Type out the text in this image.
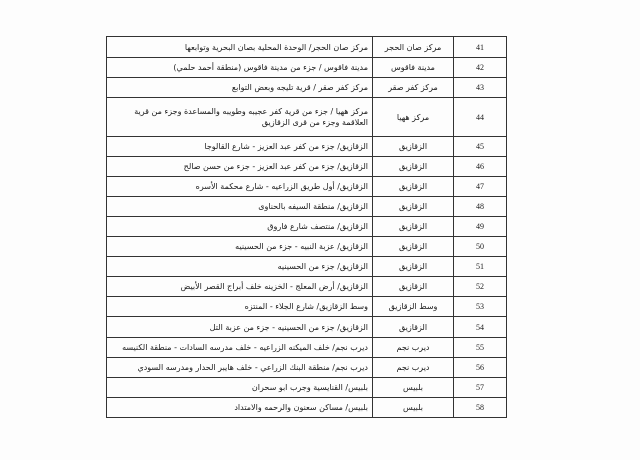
41	مركز صان الحجر	مركز صان الحجر/ الوحدة المحلية بصان البحرية وتوابعها
42	مدينة فاقوس	مدينة فاقوس / جزء من مدينة فاقوس (منطقة أحمد حلمي)
43	مركز كفر صقر	مركز كفر صقر / قرية تليجه وبعض التوابع
44	مركز ههيا	مركز ههيا / جزء من قرية كفر عجيبه وطويبه والمساعدة وجزء من قرية العلاقمة وجزء من قرى الزقازيق
45	الزقازيق	الزقازيق/ جزء من كفر عبد العزيز - شارع القالوجا
46	الزقازيق	الزقازيق/ جزء من كفر عبد العزيز - جزء من حسن صالح
47	الزقازيق	الزقازيق/ أول طريق الزراعيه - شارع محكمة الأسره
48	الزقازيق	الزقازيق/ منطقة السيفه بالحناوى
49	الزقازيق	الزقازيق/ منتصف شارع فاروق
50	الزقازيق	الزقازيق/ عزبة النبيه - جزء من الحسينيه
51	الزقازيق	الزقازيق/ جزء من الحسينيه
52	الزقازيق	الزقازيق/ أرض المعلج - الخزينه خلف أبراج القصر الأبيض
53	وسط الزقازيق	وسط الزقازيق/ شارع الجلاء - المنتزه
54	الزقازيق	الزقازيق/ جزء من الحسينيه - جزء من عزبة التل
55	ديرب نجم	ديرب نجم/ خلف الميكنه الزراعيه - خلف مدرسه السادات - منطقة الكنيسه
56	ديرب نجم	ديرب نجم/ منطقة البنك الزراعي - خلف هايبر الحدار ومدرسه السودي
57	بلبيس	بلبيس/ القنايسية وجرب ابو سحران
58	بلبيس	بلبيس/ مساكن سعنون والرحمه والامتداد
